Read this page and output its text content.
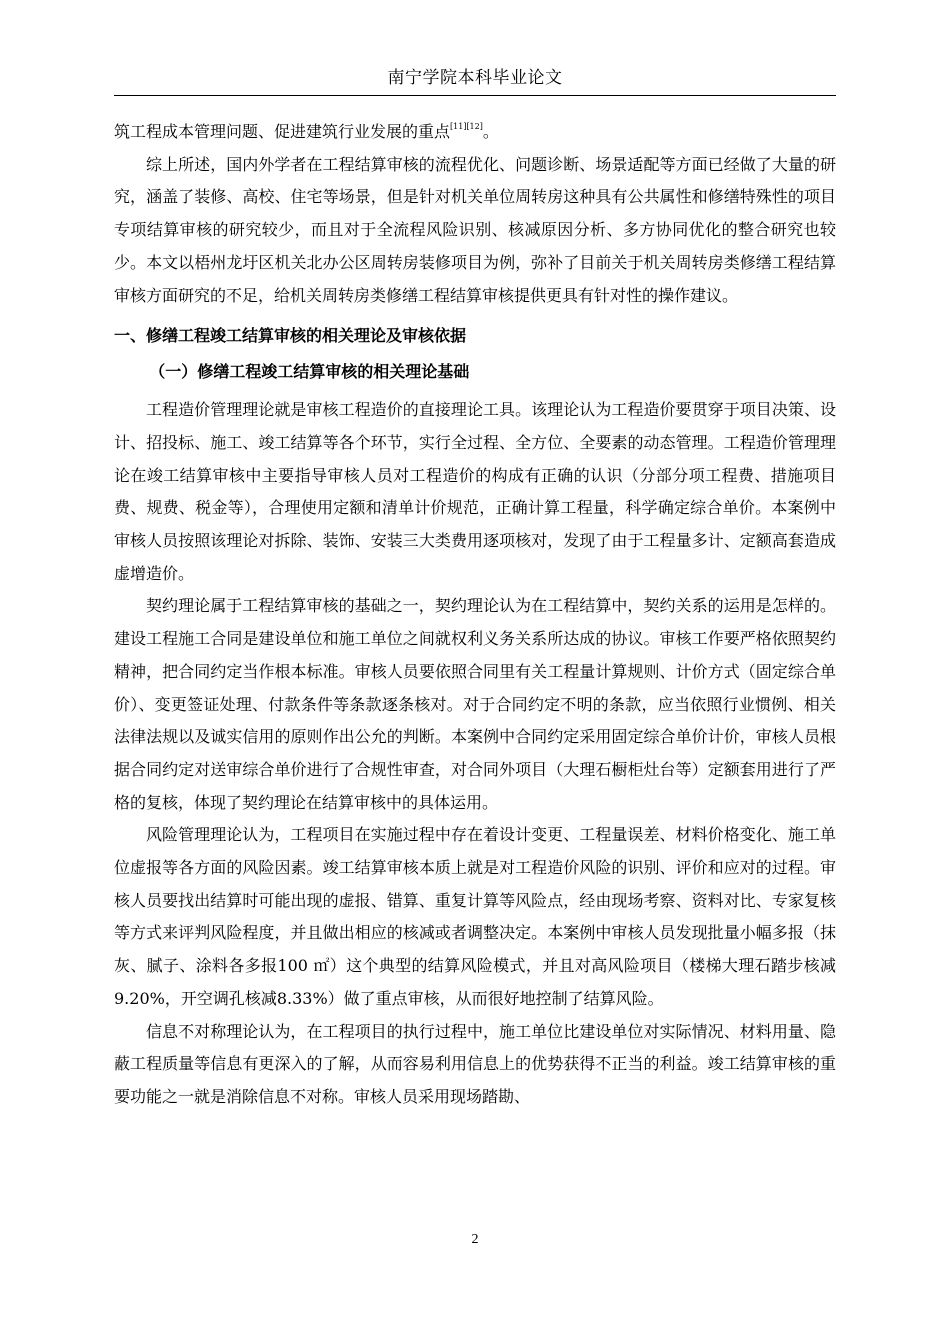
南宁学院本科毕业论文

筑工程成本管理问题、促进建筑行业发展的重点[11][12]。

综上所述，国内外学者在工程结算审核的流程优化、问题诊断、场景适配等方面已经做了大量的研究，涵盖了装修、高校、住宅等场景，但是针对机关单位周转房这种具有公共属性和修缮特殊性的项目专项结算审核的研究较少，而且对于全流程风险识别、核减原因分析、多方协同优化的整合研究也较少。本文以梧州龙圩区机关北办公区周转房装修项目为例，弥补了目前关于机关周转房类修缮工程结算审核方面研究的不足，给机关周转房类修缮工程结算审核提供更具有针对性的操作建议。

一、修缮工程竣工结算审核的相关理论及审核依据
（一）修缮工程竣工结算审核的相关理论基础

工程造价管理理论就是审核工程造价的直接理论工具。该理论认为工程造价要贯穿于项目决策、设计、招投标、施工、竣工结算等各个环节，实行全过程、全方位、全要素的动态管理。工程造价管理理论在竣工结算审核中主要指导审核人员对工程造价的构成有正确的认识（分部分项工程费、措施项目费、规费、税金等），合理使用定额和清单计价规范，正确计算工程量，科学确定综合单价。本案例中审核人员按照该理论对拆除、装饰、安装三大类费用逐项核对，发现了由于工程量多计、定额高套造成虚增造价。

契约理论属于工程结算审核的基础之一，契约理论认为在工程结算中，契约关系的运用是怎样的。建设工程施工合同是建设单位和施工单位之间就权利义务关系所达成的协议。审核工作要严格依照契约精神，把合同约定当作根本标准。审核人员要依照合同里有关工程量计算规则、计价方式（固定综合单价）、变更签证处理、付款条件等条款逐条核对。对于合同约定不明的条款，应当依照行业惯例、相关法律法规以及诚实信用的原则作出公允的判断。本案例中合同约定采用固定综合单价计价，审核人员根据合同约定对送审综合单价进行了合规性审查，对合同外项目（大理石橱柜灶台等）定额套用进行了严格的复核，体现了契约理论在结算审核中的具体运用。

风险管理理论认为，工程项目在实施过程中存在着设计变更、工程量误差、材料价格变化、施工单位虚报等各方面的风险因素。竣工结算审核本质上就是对工程造价风险的识别、评价和应对的过程。审核人员要找出结算时可能出现的虚报、错算、重复计算等风险点，经由现场考察、资料对比、专家复核等方式来评判风险程度，并且做出相应的核减或者调整决定。本案例中审核人员发现批量小幅多报（抹灰、腻子、涂料各多报100 ㎡）这个典型的结算风险模式，并且对高风险项目（楼梯大理石踏步核减9.20%，开空调孔核减8.33%）做了重点审核，从而很好地控制了结算风险。

信息不对称理论认为，在工程项目的执行过程中，施工单位比建设单位对实际情况、材料用量、隐蔽工程质量等信息有更深入的了解，从而容易利用信息上的优势获得不正当的利益。竣工结算审核的重要功能之一就是消除信息不对称。审核人员采用现场踏勘、

2
